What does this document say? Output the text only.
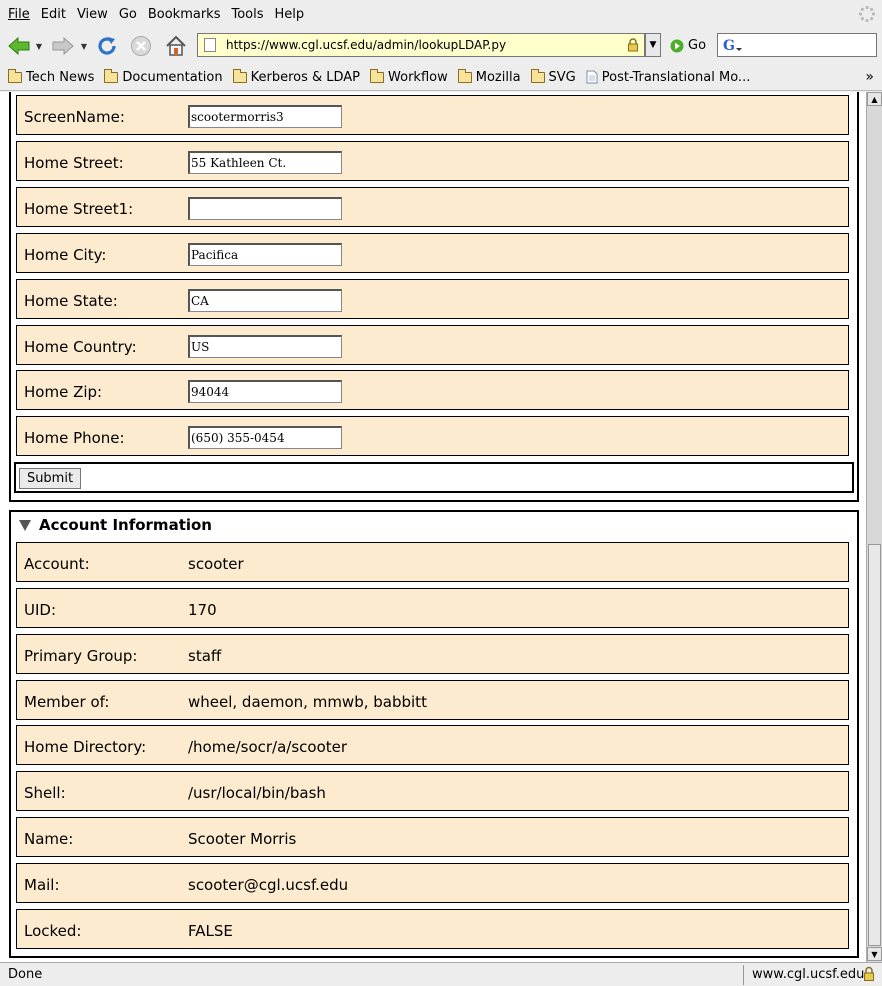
File Edit View Go Bookmarks Tools Help
▼	▼	https://www.cgl.ucsf.edu/admin/lookupLDAP.py	▼ Go G
Tech News Documentation Kerberos & LDAP Workflow Mozilla SVG Post-Translational Mo...	»
ScreenName:
scootermorris3
Home Street:
55 Kathleen Ct.
Home Street1:
Home City:
Pacifica
Home State:
CA
Home Country:
US
Home Zip:
94044
Home Phone:
(650) 355-0454
Submit
Account Information
Account:	scooter
UID:	170
Primary Group:	staff
Member of:	wheel, daemon, mmwb, babbitt
Home Directory:	/home/socr/a/scooter
Shell:	/usr/local/bin/bash
Name:	Scooter Morris
Mail:	scooter@cgl.ucsf.edu
Locked:	FALSE
▲
▼
Done	www.cgl.ucsf.edu
